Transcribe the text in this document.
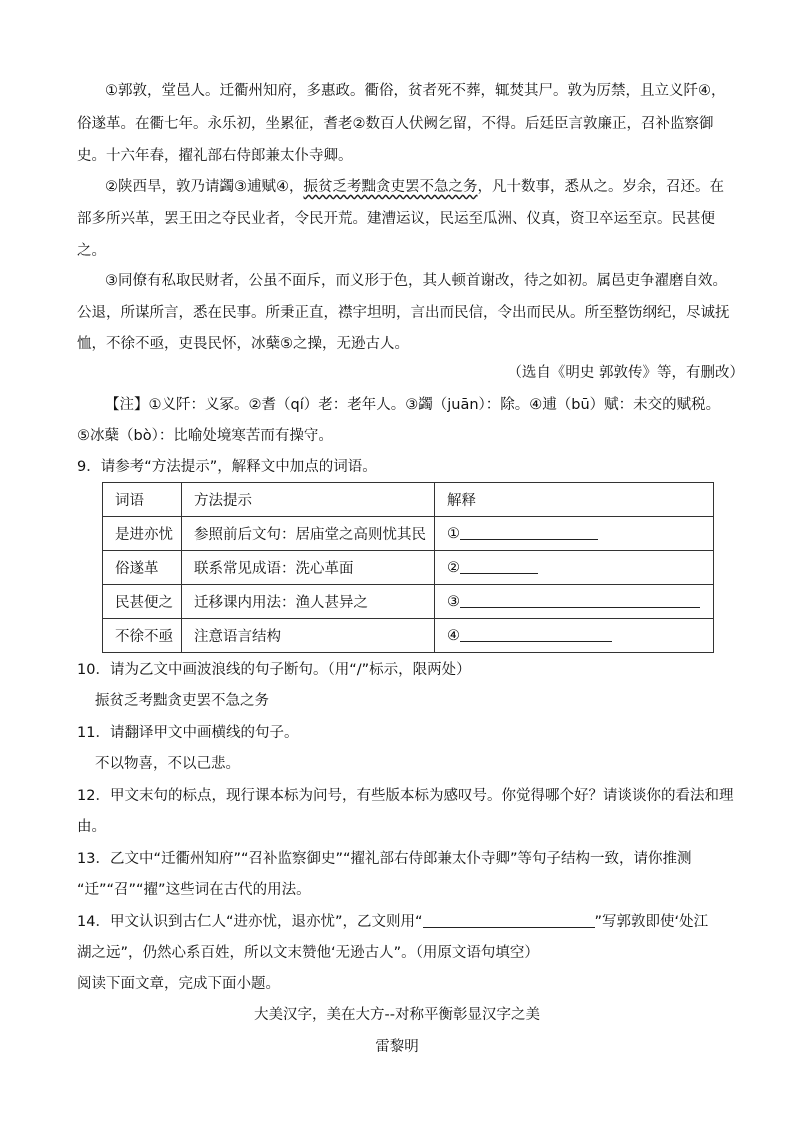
①郭敦，堂邑人。迁衢州知府，多惠政。衢俗，贫者死不葬，辄焚其尸。敦为厉禁，且立义阡④，
俗遂革。在衢七年。永乐初，坐累征，耆老②数百人伏阙乞留，不得。后廷臣言敦廉正，召补监察御
史。十六年春，擢礼部右侍郎兼太仆寺卿。
②陕西旱，敦乃请蠲③逋赋④，振贫乏考黜贪吏罢不急之务，凡十数事，悉从之。岁余，召还。在
部多所兴革，罢王田之夺民业者，令民开荒。建漕运议，民运至瓜洲、仪真，资卫卒运至京。民甚便
之。
③同僚有私取民财者，公虽不面斥，而义形于色，其人顿首谢改，待之如初。属邑吏争濯磨自效。
公退，所谋所言，悉在民事。所秉正直，襟宇坦明，言出而民信，令出而民从。所至整饬纲纪，尽诚抚
恤，不徐不亟，吏畏民怀，冰蘖⑤之操，无逊古人。
（选自《明史 郭敦传》等，有删改）
【注】①义阡：义冢。②耆（qí）老：老年人。③蠲（juān）：除。④逋（bū）赋：未交的赋税。
⑤冰蘖（bò）：比喻处境寒苦而有操守。
9．请参考“方法提示”，解释文中加点的词语。
词语	方法提示	解释
是进亦忧	参照前后文句：居庙堂之高则忧其民	①
俗遂革	联系常见成语：洗心革面	②
民甚便之	迁移课内用法：渔人甚异之	③
不徐不亟	注意语言结构	④
10．请为乙文中画波浪线的句子断句。（用“/”标示，限两处）
振贫乏考黜贪吏罢不急之务
11．请翻译甲文中画横线的句子。
不以物喜，不以己悲。
12．甲文末句的标点，现行课本标为问号，有些版本标为感叹号。你觉得哪个好？请谈谈你的看法和理
由。
13．乙文中“迁衢州知府”“召补监察御史”“擢礼部右侍郎兼太仆寺卿”等句子结构一致，请你推测
“迁”“召”“擢”这些词在古代的用法。
14．甲文认识到古仁人“进亦忧，退亦忧”，乙文则用“	”写郭敦即使‘处江
湖之远”，仍然心系百姓，所以文末赞他‘无逊古人”。（用原文语句填空）
阅读下面文章，完成下面小题。
大美汉字，美在大方--对称平衡彰显汉字之美
雷黎明
